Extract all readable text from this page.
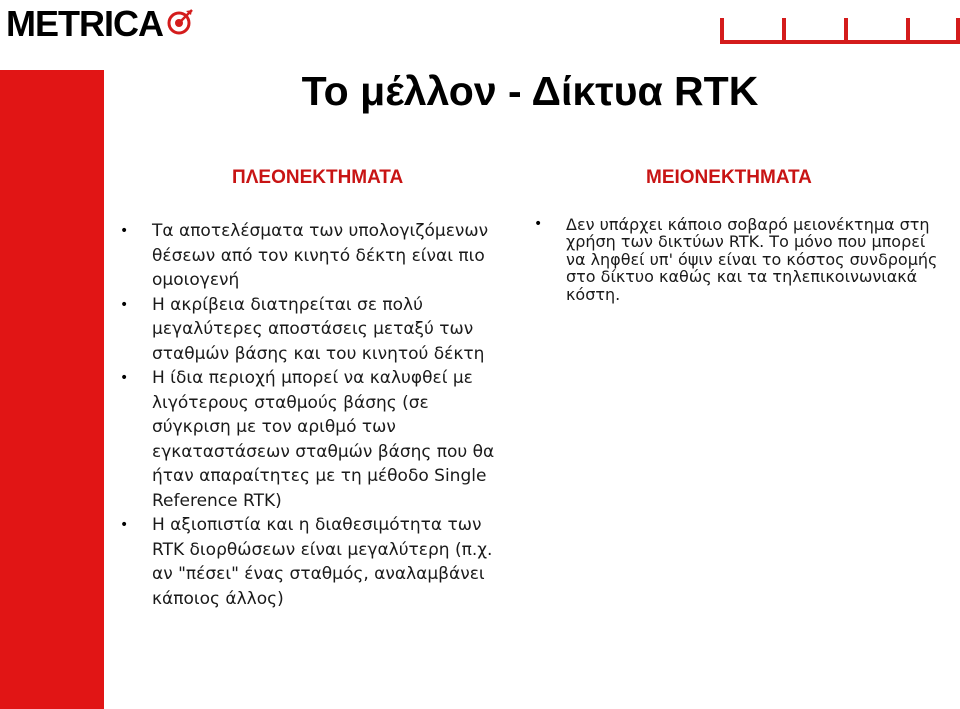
METRICA
Το μέλλον - Δίκτυα RTK
ΠΛΕΟΝΕΚΤΗΜΑΤΑ	ΜΕΙΟΝΕΚΤΗΜΑΤΑ
• Τα αποτελέσματα των υπολογιζόμενων θέσεων από τον κινητό δέκτη είναι πιο ομοιογενή
• Η ακρίβεια διατηρείται σε πολύ μεγαλύτερες αποστάσεις μεταξύ των σταθμών βάσης και του κινητού δέκτη
• Η ίδια περιοχή μπορεί να καλυφθεί με λιγότερους σταθμούς βάσης (σε σύγκριση με τον αριθμό των εγκαταστάσεων σταθμών βάσης που θα ήταν απαραίτητες με τη μέθοδο Single Reference RTK)
• Η αξιοπιστία και η διαθεσιμότητα των RTK διορθώσεων είναι μεγαλύτερη (π.χ. αν "πέσει" ένας σταθμός, αναλαμβάνει κάποιος άλλος)
• Δεν υπάρχει κάποιο σοβαρό μειονέκτημα στη χρήση των δικτύων RTK. Το μόνο που μπορεί να ληφθεί υπ' όψιν είναι το κόστος συνδρομής στο δίκτυο καθώς και τα τηλεπικοινωνιακά κόστη.
